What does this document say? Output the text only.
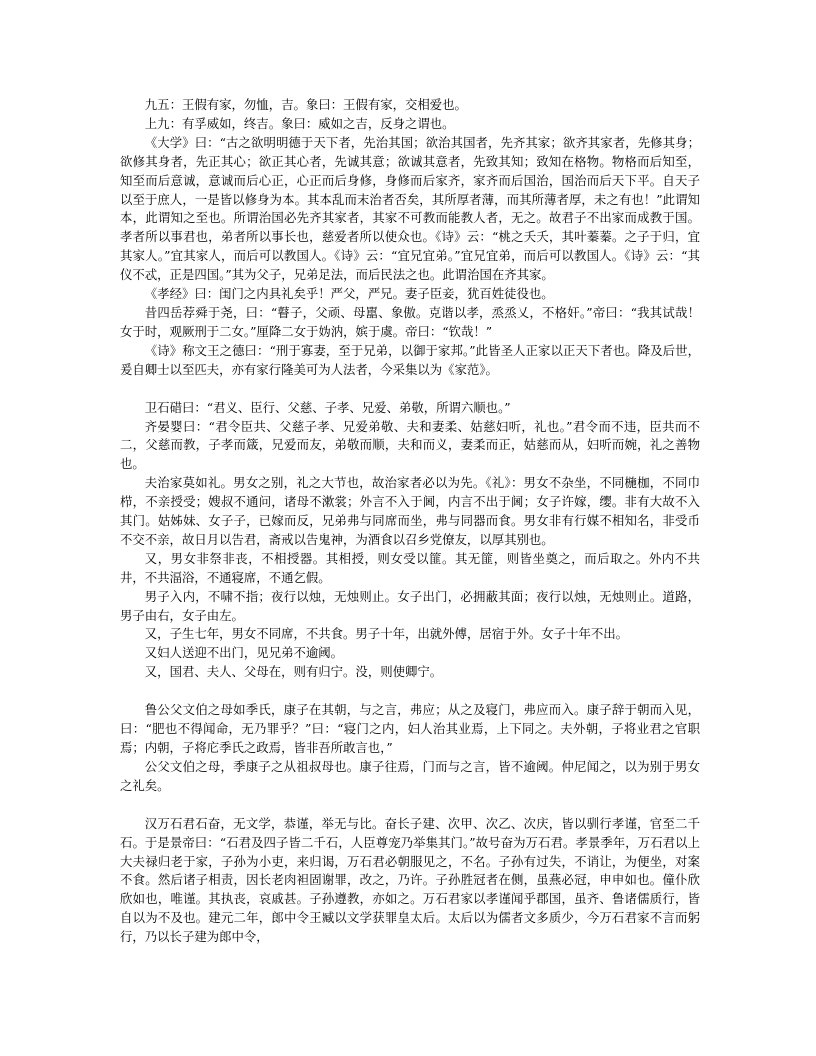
九五：王假有家，勿恤，吉。象曰：王假有家，交相爱也。

上九：有孚威如，终吉。象曰：威如之吉，反身之谓也。

《大学》曰：“古之欲明明德于天下者，先治其国；欲治其国者，先齐其家；欲齐其家者，先修其身；欲修其身者，先正其心；欲正其心者，先诚其意；欲诚其意者，先致其知；致知在格物。物格而后知至，知至而后意诚，意诚而后心正，心正而后身修，身修而后家齐，家齐而后国治，国治而后天下平。自天子以至于庶人，一是皆以修身为本。其本乱而末治者否矣，其所厚者薄，而其所薄者厚，未之有也！”此谓知本，此谓知之至也。所谓治国必先齐其家者，其家不可教而能教人者，无之。故君子不出家而成教于国。孝者所以事君也，弟者所以事长也，慈爱者所以使众也。《诗》云：“桃之夭夭，其叶蓁蓁。之子于归，宜其家人。”宜其家人，而后可以教国人。《诗》云：“宜兄宜弟。”宜兄宜弟，而后可以教国人。《诗》云：“其仪不忒，正是四国。”其为父子，兄弟足法，而后民法之也。此谓治国在齐其家。

《孝经》曰：闺门之内具礼矣乎！严父，严兄。妻子臣妾，犹百姓徒役也。

昔四岳荐舜于尧，曰：“瞽子，父顽、母嚚、象傲。克谐以孝，烝烝乂，不格奸。”帝曰：“我其试哉！女于时，观厥刑于二女。”厘降二女于妫汭，嫔于虞。帝曰：“钦哉！”

《诗》称文王之德曰：“刑于寡妻，至于兄弟，以御于家邦。”此皆圣人正家以正天下者也。降及后世，爰自卿士以至匹夫，亦有家行隆美可为人法者，今采集以为《家范》。

卫石碏曰：“君义、臣行、父慈、子孝、兄爱、弟敬，所谓六顺也。”

齐晏婴曰：“君令臣共、父慈子孝、兄爱弟敬、夫和妻柔、姑慈妇听，礼也。”君令而不违，臣共而不二，父慈而教，子孝而箴，兄爱而友，弟敬而顺，夫和而义，妻柔而正，姑慈而从，妇听而婉，礼之善物也。

夫治家莫如礼。男女之别，礼之大节也，故治家者必以为先。《礼》：男女不杂坐，不同椸枷，不同巾栉，不亲授受；嫂叔不通问，诸母不漱裳；外言不入于阃，内言不出于阃；女子许嫁，缨。非有大故不入其门。姑姊妹、女子子，已嫁而反，兄弟弗与同席而坐，弗与同器而食。男女非有行媒不相知名，非受币不交不亲，故日月以告君，斋戒以告鬼神，为酒食以召乡党僚友，以厚其别也。

又，男女非祭非丧，不相授器。其相授，则女受以篚。其无篚，则皆坐奠之，而后取之。外内不共井，不共湢浴，不通寝席，不通乞假。

男子入内，不啸不指；夜行以烛，无烛则止。女子出门，必拥蔽其面；夜行以烛，无烛则止。道路，男子由右，女子由左。

又，子生七年，男女不同席，不共食。男子十年，出就外傅，居宿于外。女子十年不出。

又妇人送迎不出门，见兄弟不逾阈。

又，国君、夫人、父母在，则有归宁。没，则使卿宁。

鲁公父文伯之母如季氏，康子在其朝，与之言，弗应；从之及寝门，弗应而入。康子辞于朝而入见，曰：“肥也不得闻命，无乃罪乎？”曰：“寝门之内，妇人治其业焉，上下同之。夫外朝，子将业君之官职焉；内朝，子将庀季氏之政焉，皆非吾所敢言也，”

公父文伯之母，季康子之从祖叔母也。康子往焉，门而与之言，皆不逾阈。仲尼闻之，以为别于男女之礼矣。

汉万石君石奋，无文学，恭谨，举无与比。奋长子建、次甲、次乙、次庆，皆以驯行孝谨，官至二千石。于是景帝曰：“石君及四子皆二千石，人臣尊宠乃举集其门。”故号奋为万石君。孝景季年，万石君以上大夫禄归老于家，子孙为小吏，来归谒，万石君必朝服见之，不名。子孙有过失，不诮让，为便坐，对案不食。然后诸子相责，因长老肉袒固谢罪，改之，乃许。子孙胜冠者在侧，虽燕必冠，申申如也。僮仆欣欣如也，唯谨。其执丧，哀戚甚。子孙遵教，亦如之。万石君家以孝谨闻乎郡国，虽齐、鲁诸儒质行，皆自以为不及也。建元二年，郎中令王臧以文学获罪皇太后。太后以为儒者文多质少，今万石君家不言而躬行，乃以长子建为郎中令，
